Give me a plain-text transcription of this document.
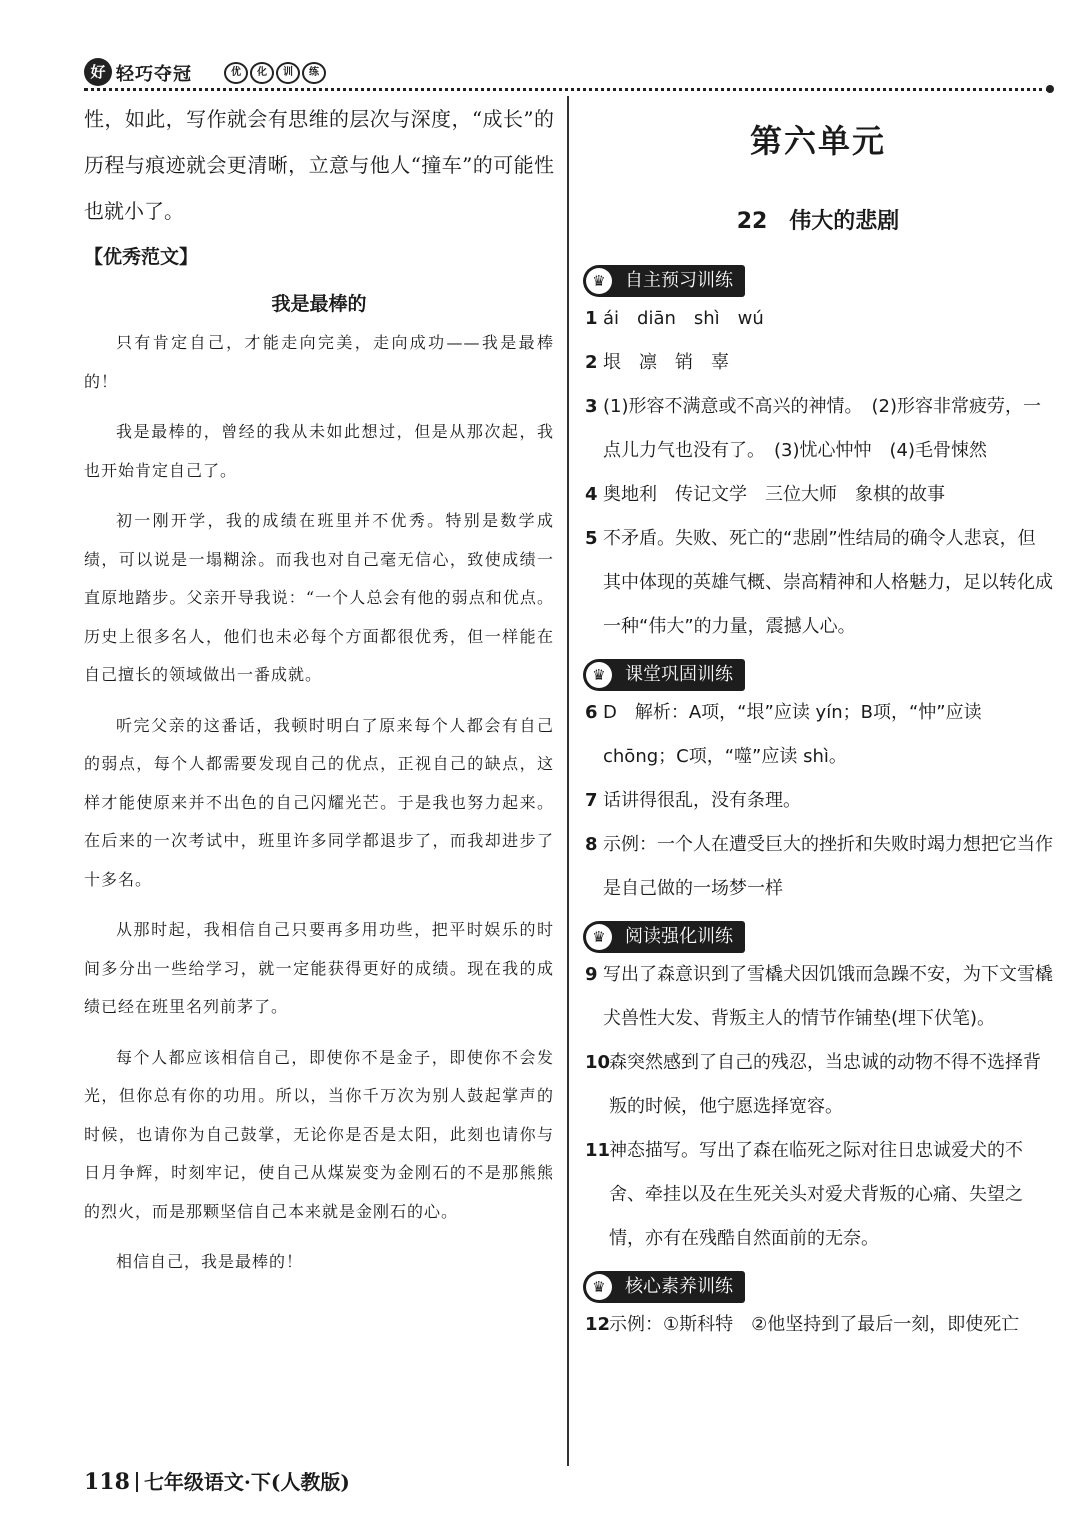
好 轻巧夺冠	优	化	训	练

性，如此，写作就会有思维的层次与深度，“成长”的历程与痕迹就会更清晰，立意与他人“撞车”的可能性也就小了。

【优秀范文】

我是最棒的

只有肯定自己，才能走向完美，走向成功——我是最棒的！

我是最棒的，曾经的我从未如此想过，但是从那次起，我也开始肯定自己了。

初一刚开学，我的成绩在班里并不优秀。特别是数学成绩，可以说是一塌糊涂。而我也对自己毫无信心，致使成绩一直原地踏步。父亲开导我说：“一个人总会有他的弱点和优点。历史上很多名人，他们也未必每个方面都很优秀，但一样能在自己擅长的领域做出一番成就。

听完父亲的这番话，我顿时明白了原来每个人都会有自己的弱点，每个人都需要发现自己的优点，正视自己的缺点，这样才能使原来并不出色的自己闪耀光芒。于是我也努力起来。在后来的一次考试中，班里许多同学都退步了，而我却进步了十多名。

从那时起，我相信自己只要再多用功些，把平时娱乐的时间多分出一些给学习，就一定能获得更好的成绩。现在我的成绩已经在班里名列前茅了。

每个人都应该相信自己，即使你不是金子，即使你不会发光，但你总有你的功用。所以，当你千万次为别人鼓起掌声的时候，也请你为自己鼓掌，无论你是否是太阳，此刻也请你与日月争辉，时刻牢记，使自己从煤炭变为金刚石的不是那熊熊的烈火，而是那颗坚信自己本来就是金刚石的心。

相信自己，我是最棒的！

118 七年级语文·下(人教版)

第六单元

22　伟大的悲剧

♛	自主预习训练

1 ái　diān　shì　wú

2 垠　凛　销　辜

3 (1)形容不满意或不高兴的神情。　(2)形容非常疲劳，一点儿力气也没有了。　(3)忧心忡忡　(4)毛骨悚然

4 奥地利　传记文学　三位大师　象棋的故事

5 不矛盾。失败、死亡的“悲剧”性结局的确令人悲哀，但其中体现的英雄气概、崇高精神和人格魅力，足以转化成一种“伟大”的力量，震撼人心。

♛	课堂巩固训练

6 D　解析：A项，“垠”应读 yín；B项，“忡”应读 chōng；C项，“噬”应读 shì。

7 话讲得很乱，没有条理。

8 示例：一个人在遭受巨大的挫折和失败时竭力想把它当作是自己做的一场梦一样

♛	阅读强化训练

9 写出了森意识到了雪橇犬因饥饿而急躁不安，为下文雪橇犬兽性大发、背叛主人的情节作铺垫(埋下伏笔)。

10
森突然感到了自己的残忍，当忠诚的动物不得不选择背叛的时候，他宁愿选择宽容。

11
神态描写。写出了森在临死之际对往日忠诚爱犬的不舍、牵挂以及在生死关头对爱犬背叛的心痛、失望之情，亦有在残酷自然面前的无奈。

♛	核心素养训练

12
示例：①斯科特　②他坚持到了最后一刻，即使死亡
